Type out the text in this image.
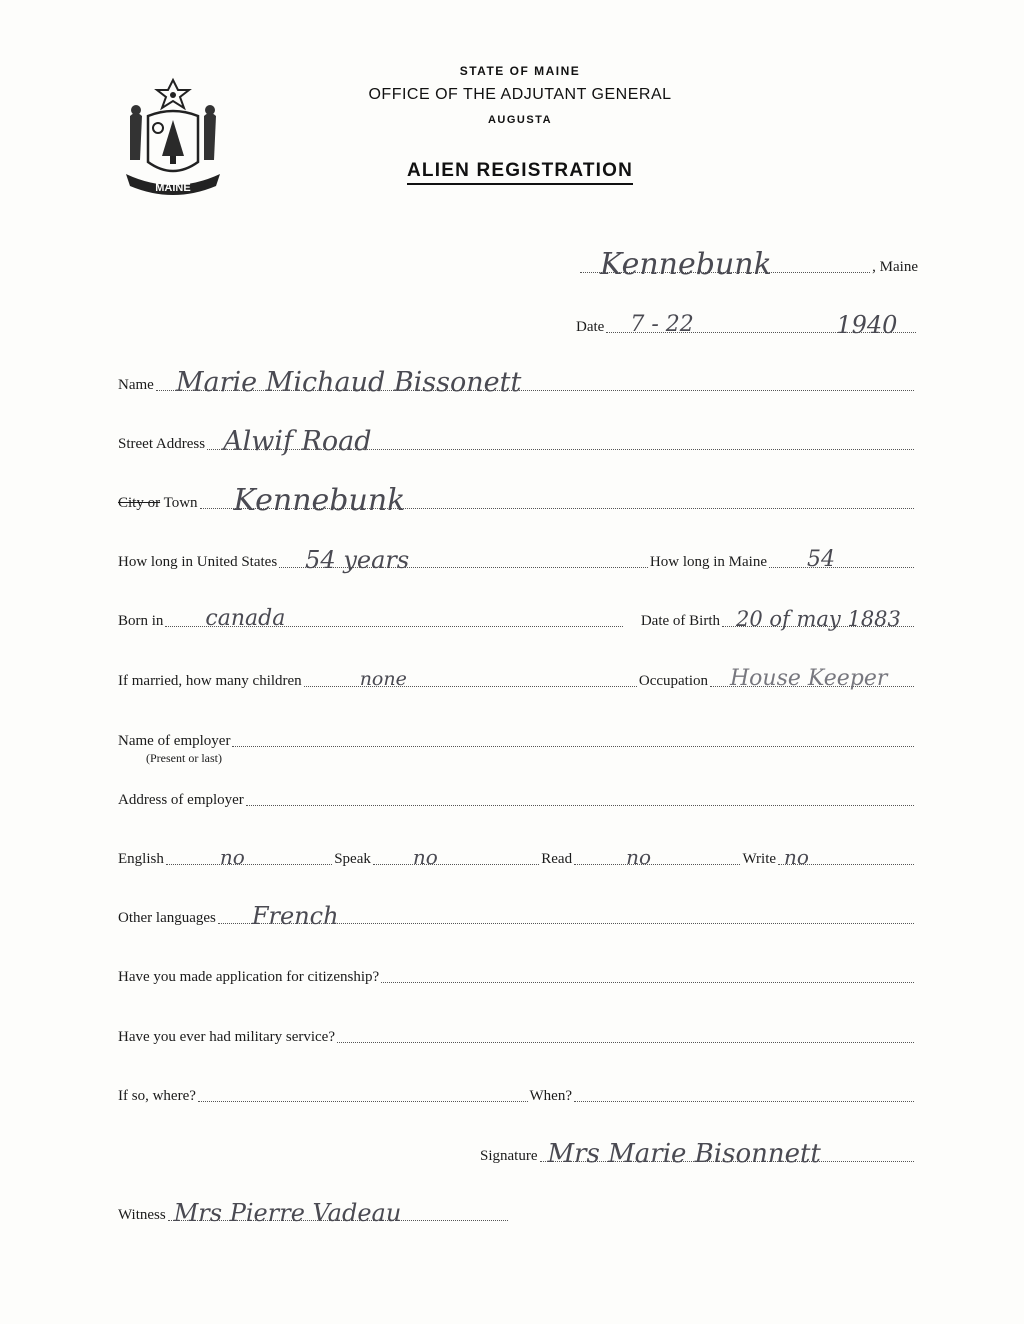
MAINE
STATE OF MAINE
OFFICE OF THE ADJUTANT GENERAL
AUGUSTA
ALIEN REGISTRATION
Kennebunk	, Maine
Date 7 - 22	1940
Name Marie Michaud Bissonett
Street Address Alwif Road
City or Town Kennebunk
How long in United States 54 years	How long in Maine 54
Born in canada	Date of Birth 20 of may 1883
If married, how many children	none	Occupation House Keeper
Name of employer
(Present or last)
Address of employer
English	no	Speak no	Read	no	Write no
Other languages French
Have you made application for citizenship?
Have you ever had military service?
If so, where?	When?
Signature Mrs Marie Bisonnett
Witness Mrs Pierre Vadeau
